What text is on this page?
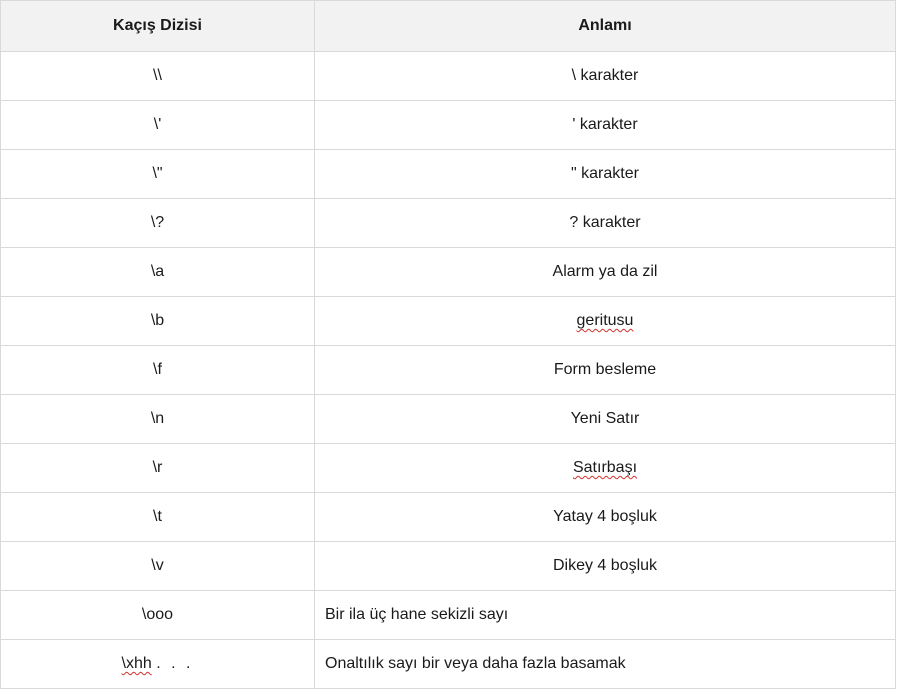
Kaçış Dizisi	Anlamı
\\	\ karakter
\'	' karakter
\"	" karakter
\?	? karakter
\a	Alarm ya da zil
\b	geritusu
\f	Form besleme
\n	Yeni Satır
\r	Satırbaşı
\t	Yatay 4 boşluk
\v	Dikey 4 boşluk
\ooo	Bir ila üç hane sekizli sayı
\xhh . . .	Onaltılık sayı bir veya daha fazla basamak
